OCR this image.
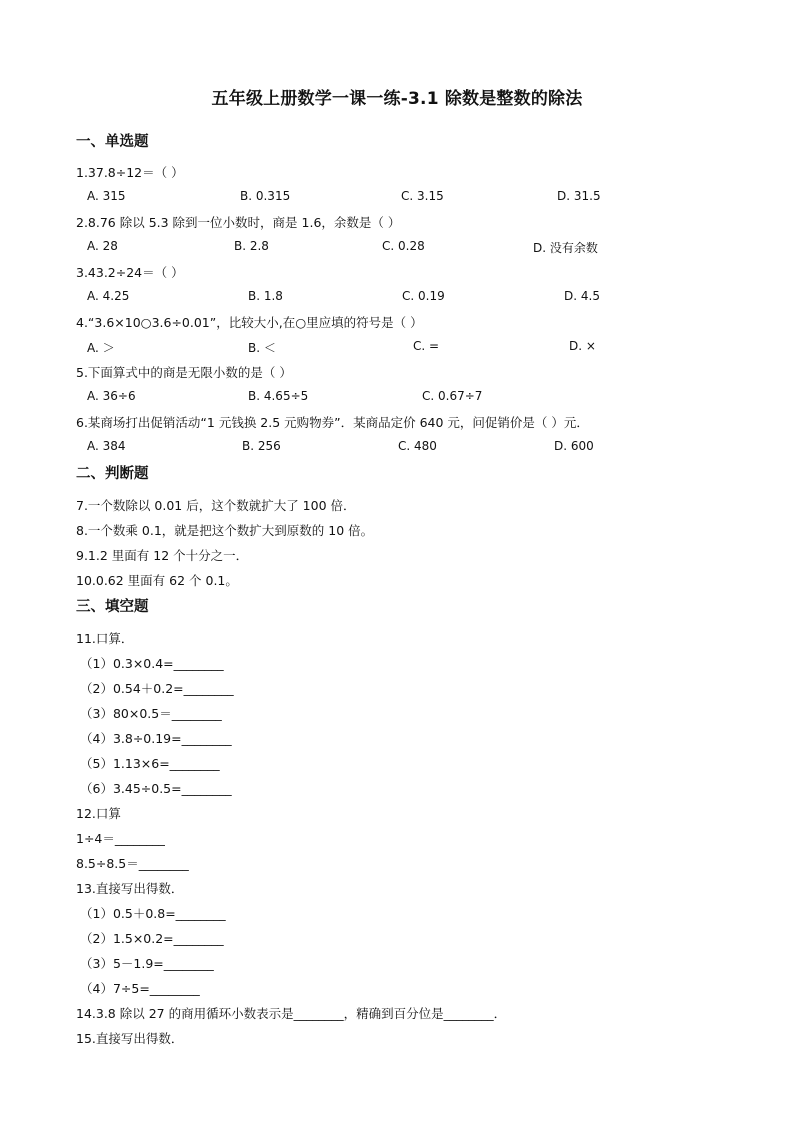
五年级上册数学一课一练-3.1 除数是整数的除法
一、单选题
1.37.8÷12＝（ ）
A. 315	B. 0.315	C. 3.15	D. 31.5
2.8.76 除以 5.3 除到一位小数时，商是 1.6，余数是（ ）
A. 28	B. 2.8	C. 0.28	D. 没有余数
3.43.2÷24＝（ ）
A. 4.25	B. 1.8	C. 0.19	D. 4.5
4.“3.6×10○3.6÷0.01”，比较大小,在○里应填的符号是（ ）
A. ＞	B. ＜	C. =	D. ×
5.下面算式中的商是无限小数的是（ ）
A. 36÷6	B. 4.65÷5	C. 0.67÷7
6.某商场打出促销活动“1 元钱换 2.5 元购物券”．某商品定价 640 元，问促销价是（ ）元．
A. 384	B. 256	C. 480	D. 600
二、判断题
7.一个数除以 0.01 后，这个数就扩大了 100 倍．
8.一个数乘 0.1，就是把这个数扩大到原数的 10 倍。
9.1.2 里面有 12 个十分之一．
10.0.62 里面有 62 个 0.1。
三、填空题
11.口算．
（1）0.3×0.4=________
（2）0.54＋0.2=________
（3）80×0.5＝________
（4）3.8÷0.19=________
（5）1.13×6=________
（6）3.45÷0.5=________
12.口算
1÷4＝________
8.5÷8.5＝________
13.直接写出得数．
（1）0.5＋0.8=________
（2）1.5×0.2=________
（3）5－1.9=________
（4）7÷5=________
14.3.8 除以 27 的商用循环小数表示是________，精确到百分位是________．
15.直接写出得数．
